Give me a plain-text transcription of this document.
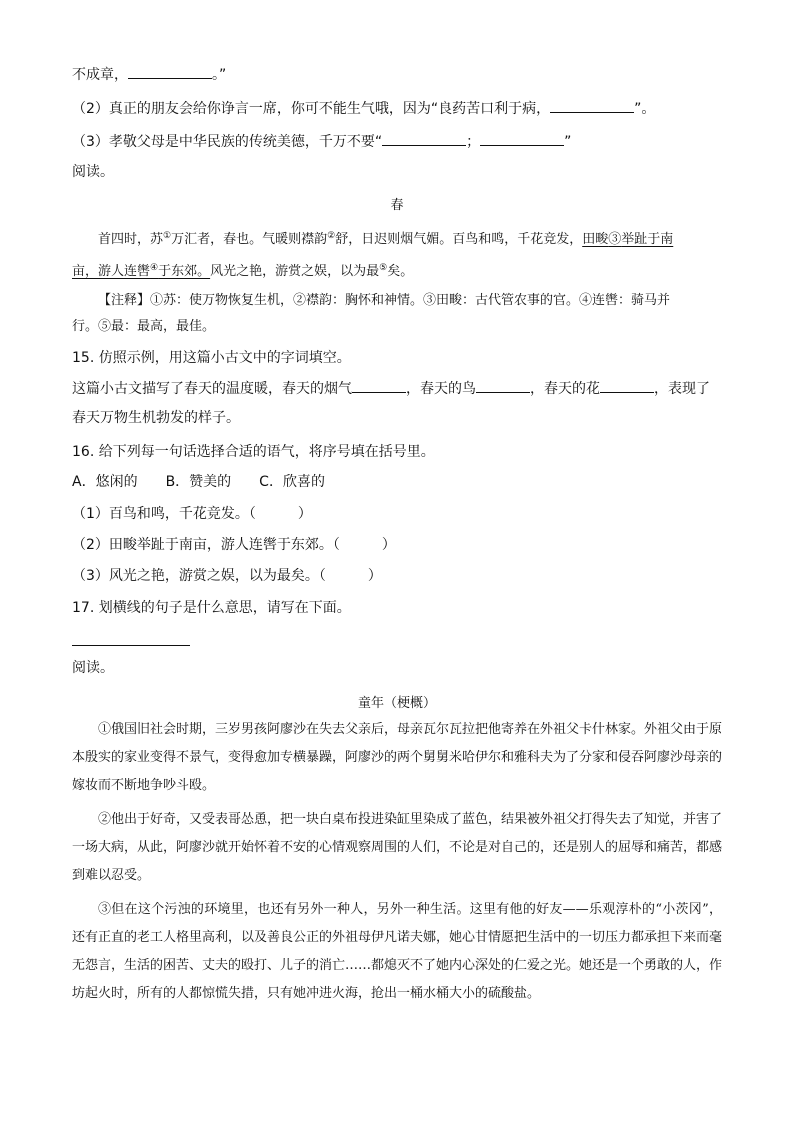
不成章，	。”
（2）真正的朋友会给你诤言一席，你可不能生气哦，因为“良药苦口利于病，	”。
（3）孝敬父母是中华民族的传统美德，千万不要“	；	”
阅读。
春
首四时，苏①万汇者，春也。气暖则襟韵②舒，日迟则烟气媚。百鸟和鸣，千花竞发，田畯③举趾于南
亩，游人连辔④于东郊。风光之艳，游赏之娱，以为最⑤矣。
【注释】①苏：使万物恢复生机，②襟韵：胸怀和神情。③田畯：古代管农事的官。④连辔：骑马并
行。⑤最：最高，最佳。
15. 仿照示例，用这篇小古文中的字词填空。
这篇小古文描写了春天的温度暖，春天的烟气	，春天的鸟	，春天的花	，表现了
春天万物生机勃发的样子。
16. 给下列每一句话选择合适的语气，将序号填在括号里。
A．悠闲的　　B．赞美的　　C．欣喜的
（1）百鸟和鸣，千花竞发。（　　　）
（2）田畯举趾于南亩，游人连辔于东郊。（　　　）
（3）风光之艳，游赏之娱，以为最矣。（　　　）
17. 划横线的句子是什么意思，请写在下面。
阅读。
童年（梗概）

①俄国旧社会时期，三岁男孩阿廖沙在失去父亲后，母亲瓦尔瓦拉把他寄养在外祖父卡什林家。外祖父由于原本殷实的家业变得不景气，变得愈加专横暴躁，阿廖沙的两个舅舅米哈伊尔和雅科夫为了分家和侵吞阿廖沙母亲的嫁妆而不断地争吵斗殴。

②他出于好奇，又受表哥怂恿，把一块白桌布投进染缸里染成了蓝色，结果被外祖父打得失去了知觉，并害了一场大病，从此，阿廖沙就开始怀着不安的心情观察周围的人们，不论是对自己的，还是别人的屈辱和痛苦，都感到难以忍受。

③但在这个污浊的环境里，也还有另外一种人，另外一种生活。这里有他的好友——乐观淳朴的“小茨冈”，还有正直的老工人格里高利，以及善良公正的外祖母伊凡诺夫娜，她心甘情愿把生活中的一切压力都承担下来而毫无怨言，生活的困苦、丈夫的殴打、儿子的消亡……都熄灭不了她内心深处的仁爱之光。她还是一个勇敢的人，作坊起火时，所有的人都惊慌失措，只有她冲进火海，抢出一桶水桶大小的硫酸盐。
